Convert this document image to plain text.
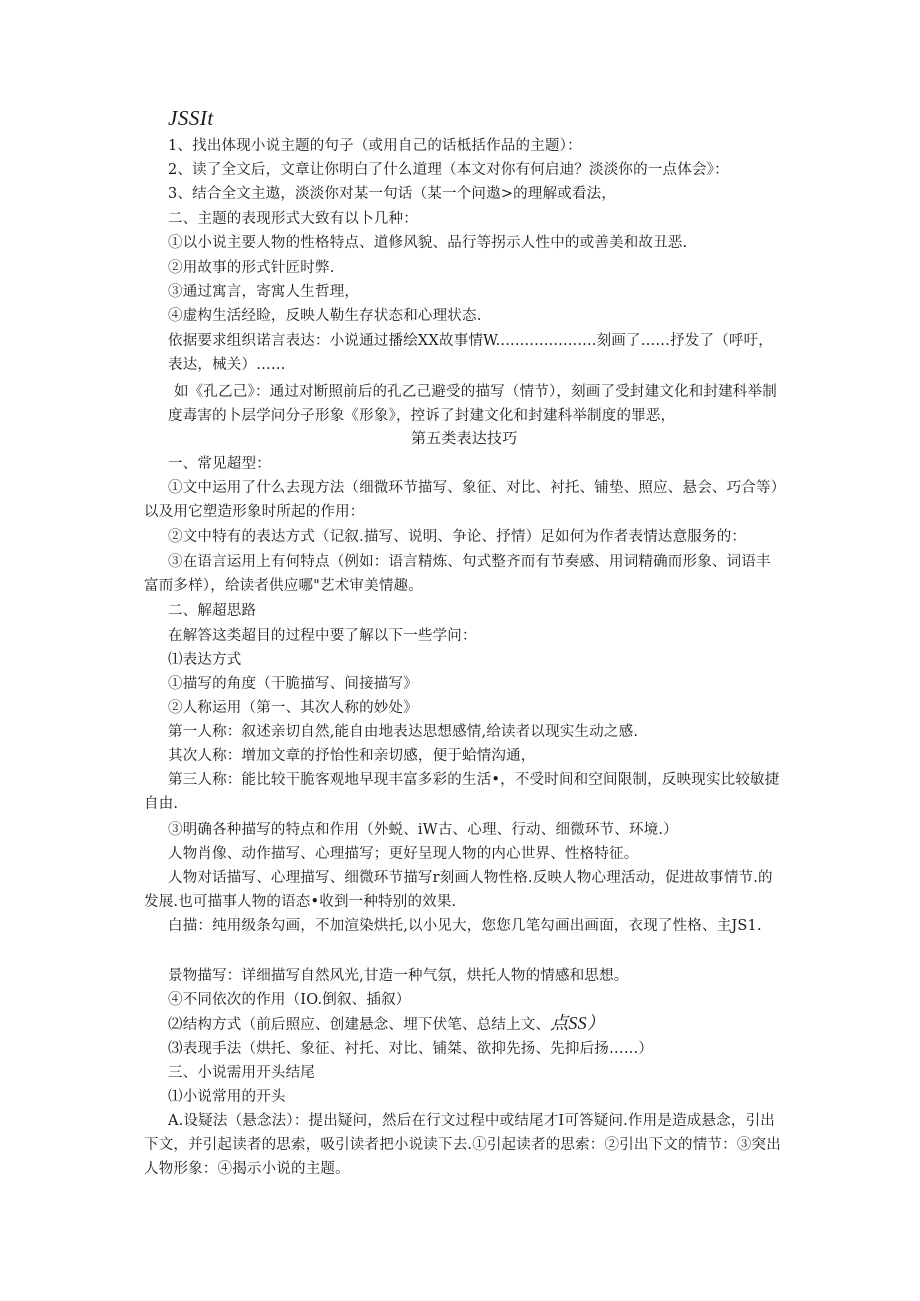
JSSIt
1、找出体现小说主题的句子（或用自己的话柢括作品的主题）：
2、读了全文后，文章让你明白了什么道理（本文对你有何启迪？淡淡你的一点体会》：
3、结合全文主遨，淡淡你对某一句话（某一个问遨>的理解或看法，
二、主题的表现形式大致有以卜几种：
①以小说主要人物的性格特点、道修风貌、品行等拐示人性中的或善美和故丑恶.
②用故事的形式针匠时弊.
③通过寓言，寄寓人生哲理，
④虚构生活经睑，反映人勒生存状态和心理状态.
依据要求组织诺言表达：小说通过播绘XX故事情W.....................刻画了……抒发了（呼吁，表达，械关）……
如《孔乙己》：通过对断照前后的孔乙己避受的描写（情节），刻画了受封建文化和封建科举制度毒害的卜层学问分子形象《形象》，控诉了封建文化和封建科举制度的罪恶，
第五类表达技巧
一、常见超型：
①文中运用了什么去现方法（细微环节描写、象征、对比、衬托、铺垫、照应、悬会、巧合等）以及用它塑造形象时所起的作用：
②文中特有的表达方式（记叙.描写、说明、争论、抒情）足如何为作者表情达意服务的：
③在语言运用上有何特点（例如：语言精炼、句式整齐而有节奏感、用词精确而形象、词语丰富而多样），给读者供应哪"艺术审美情趣。
二、解超思路
在解答这类超目的过程中要了解以下一些学问：
⑴表达方式
①描写的角度（干脆描写、间接描写》
②人称运用（第一、其次人称的妙处》
第一人称：叙述亲切自然,能自由地表达思想感情,给读者以现实生动之感.
其次人称：增加文章的抒怡性和亲切感，便于蛤情沟通，
第三人称：能比较干脆客观地早现丰富多彩的生活•，不受时间和空间限制，反映现实比较敏捷自由.
③明确各种描写的特点和作用（外蜕、iW古、心理、行动、细微环节、环境.）
人物肖像、动作描写、心理描写；更好呈现人物的内心世界、性格特征。
人物对话描写、心理描写、细微环节描写r刻画人物性格.反映人物心理活动，促进故事情节.的发展.也可描事人物的语态•收到一种特别的效果.
白描：纯用级条勾画，不加渲染烘托,以小见大，您您几笔勾画出画面，衣现了性格、主JS1.
景物描写：详细描写自然风光,甘造一种气氛，烘托人物的情感和思想。
④不同依次的作用（IO.倒叙、插叙）
⑵结构方式（前后照应、创建悬念、埋下伏笔、总结上文、点SS）
⑶表现手法（烘托、象征、衬托、对比、铺桀、欲抑先扬、先抑后扬……）
三、小说需用开头结尾
⑴小说常用的开头
A.设疑法（悬念法）：提出疑问，然后在行文过程中或结尾才I可答疑问.作用是造成悬念，引出下文，并引起读者的思索，吸引读者把小说读下去.①引起读者的思索：②引出下文的情节：③突出人物形象：④揭示小说的主题。
